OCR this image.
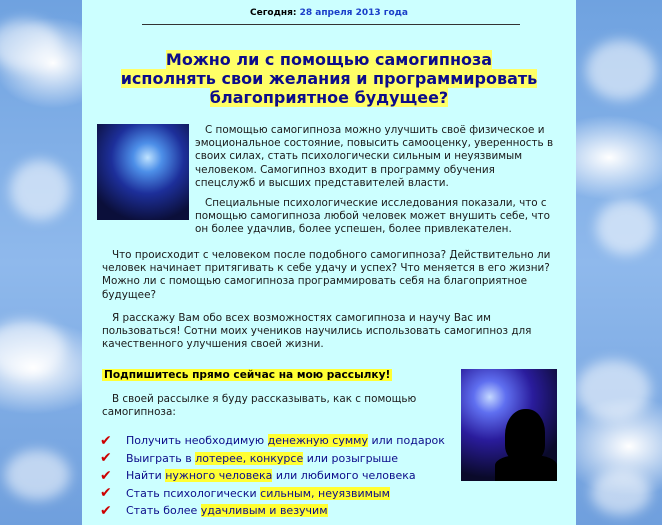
Сегодня: 28 апреля 2013 года
Можно ли с помощью самогипноза
исполнять свои желания и программировать
благоприятное будущее?
С помощью самогипноза можно улучшить своё физическое и эмоциональное состояние, повысить самооценку, уверенность в своих силах, стать психологически сильным и неуязвимым человеком. Самогипноз входит в программу обучения спецслужб и высших представителей власти.
Специальные психологические исследования показали, что с помощью самогипноза любой человек может внушить себе, что он более удачлив, более успешен, более привлекателен.
Что происходит с человеком после подобного самогипноза? Действительно ли человек начинает притягивать к себе удачу и успех? Что меняется в его жизни? Можно ли с помощью самогипноза программировать себя на благоприятное будущее?
Я расскажу Вам обо всех возможностях самогипноза и научу Вас им пользоваться! Сотни моих учеников научились использовать самогипноз для качественного улучшения своей жизни.
Подпишитесь прямо сейчас на мою рассылку!
В своей рассылке я буду рассказывать, как с помощью самогипноза:
✔	Получить необходимую денежную сумму или подарок
✔	Выиграть в лотерее, конкурсе или розыгрыше
✔	Найти нужного человека или любимого человека
✔	Стать психологически сильным, неуязвимым
✔	Стать более удачливым и везучим
